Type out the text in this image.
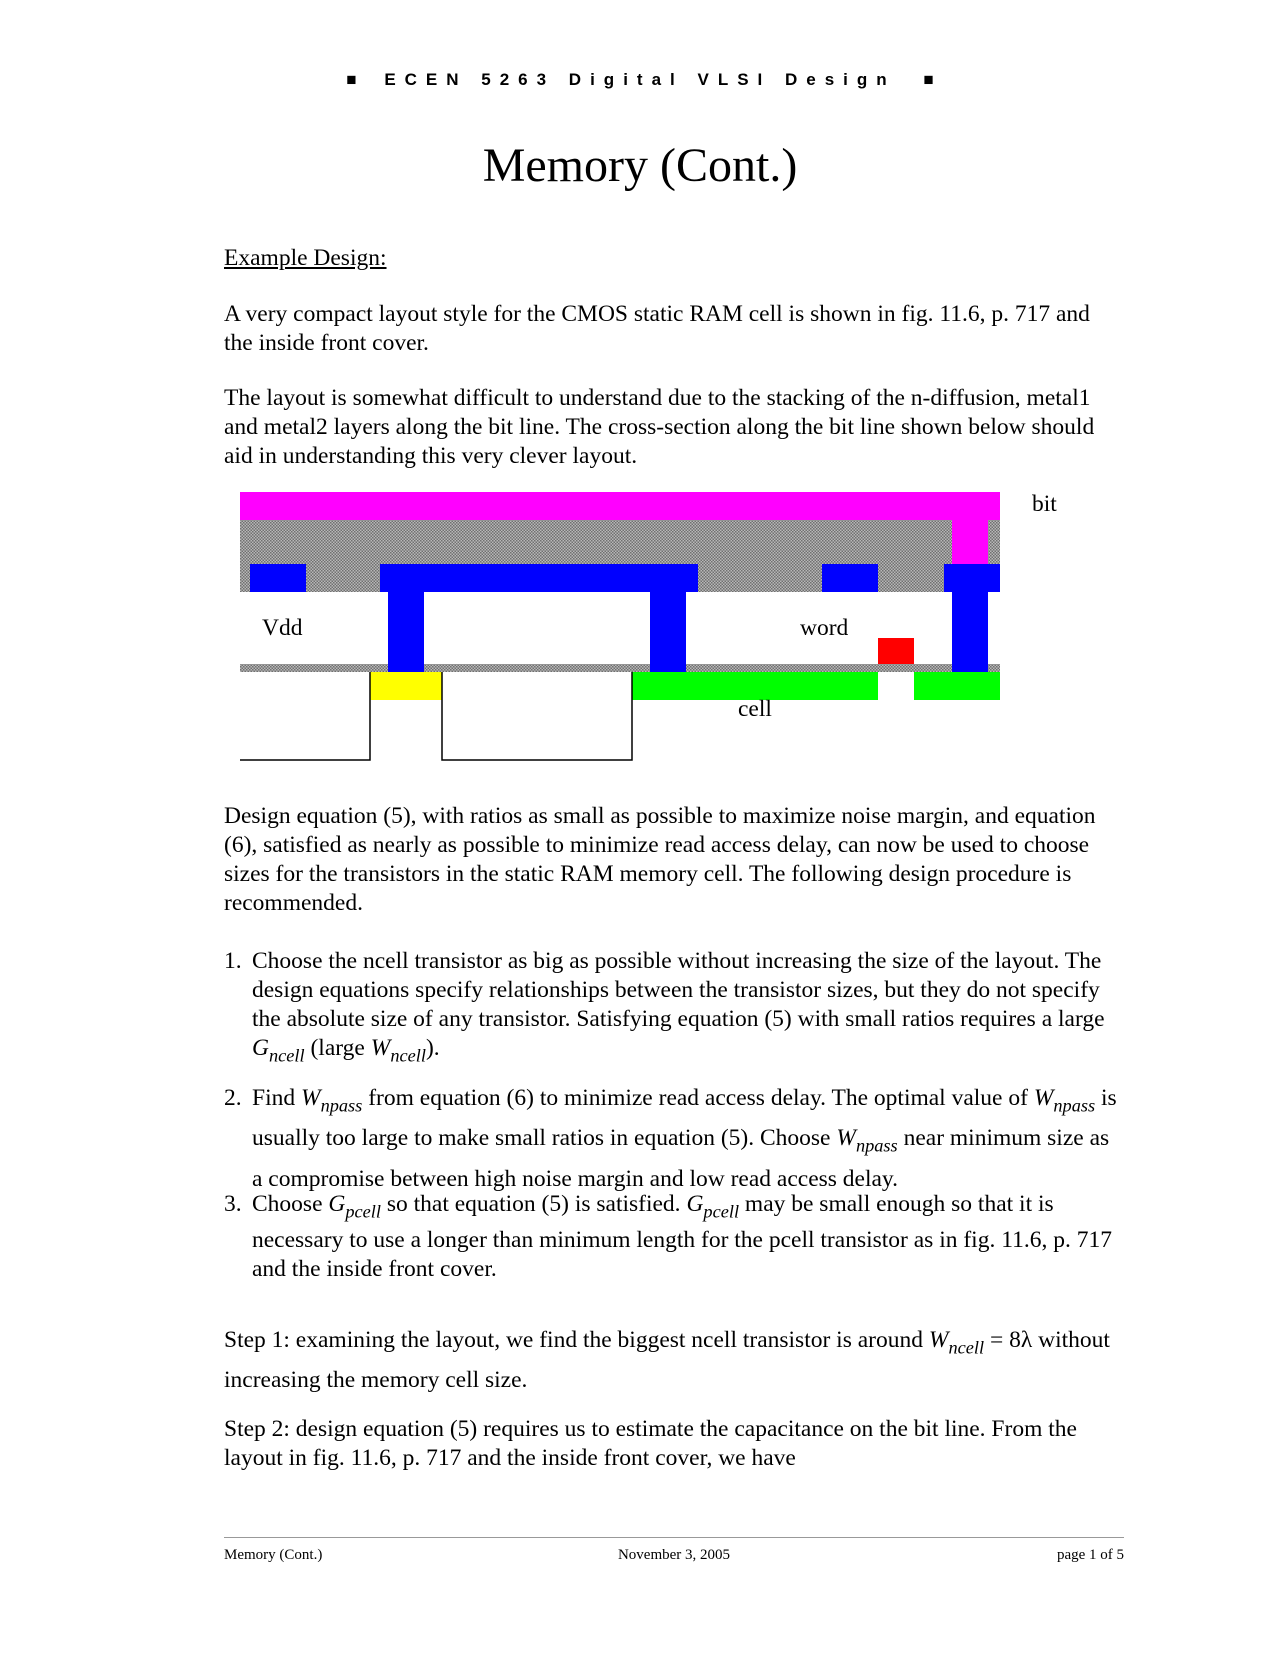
■ ECEN 5263 Digital VLSI Design ■
Memory (Cont.)

Example Design:

A very compact layout style for the CMOS static RAM cell is shown in fig. 11.6, p. 717 and the inside front cover.

The layout is somewhat difficult to understand due to the stacking of the n-diffusion, metal1 and metal2 layers along the bit line. The cross-section along the bit line shown below should aid in understanding this very clever layout.

bit
Vdd	word
cell

Design equation (5), with ratios as small as possible to maximize noise margin, and equation (6), satisfied as nearly as possible to minimize read access delay, can now be used to choose sizes for the transistors in the static RAM memory cell. The following design procedure is recommended.

1. Choose the ncell transistor as big as possible without increasing the size of the layout. The design equations specify relationships between the transistor sizes, but they do not specify the absolute size of any transistor. Satisfying equation (5) with small ratios requires a large $G_{ncell}$ (large $W_{ncell}$).
2. Find $W_{npass}$ from equation (6) to minimize read access delay. The optimal value of $W_{npass}$ is usually too large to make small ratios in equation (5). Choose $W_{npass}$ near minimum size as a compromise between high noise margin and low read access delay.
3. Choose $G_{pcell}$ so that equation (5) is satisfied. $G_{pcell}$ may be small enough so that it is necessary to use a longer than minimum length for the pcell transistor as in fig. 11.6, p. 717 and the inside front cover.

Step 1: examining the layout, we find the biggest ncell transistor is around $W_{ncell} = 8\lambda$ without increasing the memory cell size.

Step 2: design equation (5) requires us to estimate the capacitance on the bit line. From the layout in fig. 11.6, p. 717 and the inside front cover, we have

Memory (Cont.)	November 3, 2005	page 1 of 5
